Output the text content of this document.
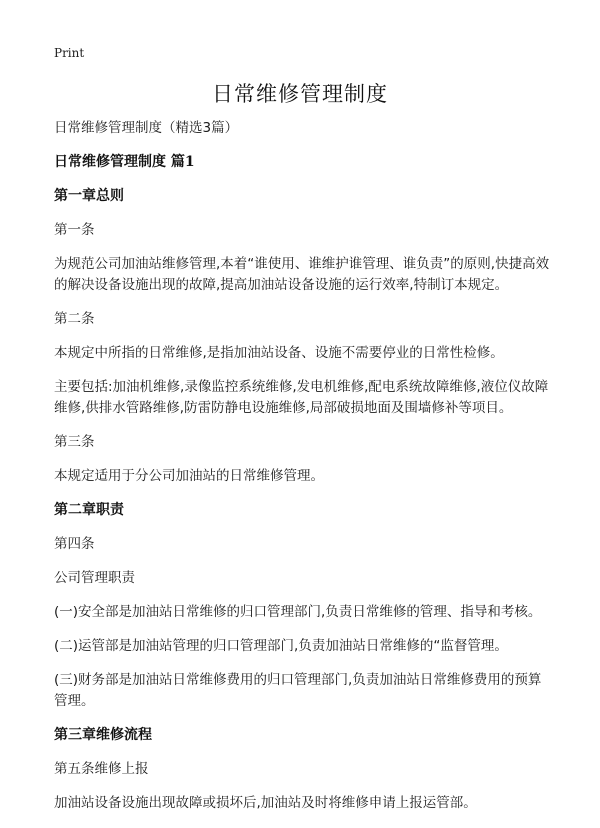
Print
日常维修管理制度
日常维修管理制度（精选3篇）
日常维修管理制度 篇1
第一章总则
第一条
为规范公司加油站维修管理,本着“谁使用、谁维护谁管理、谁负责”的原则,快捷高效的解决设备设施出现的故障,提高加油站设备设施的运行效率,特制订本规定。
第二条
本规定中所指的日常维修,是指加油站设备、设施不需要停业的日常性检修。
主要包括:加油机维修,录像监控系统维修,发电机维修,配电系统故障维修,液位仪故障维修,供排水管路维修,防雷防静电设施维修,局部破损地面及围墙修补等项目。
第三条
本规定适用于分公司加油站的日常维修管理。
第二章职责
第四条
公司管理职责
(一)安全部是加油站日常维修的归口管理部门,负责日常维修的管理、指导和考核。
(二)运管部是加油站管理的归口管理部门,负责加油站日常维修的“监督管理。
(三)财务部是加油站日常维修费用的归口管理部门,负责加油站日常维修费用的预算管理。
第三章维修流程
第五条维修上报
加油站设备设施出现故障或损坏后,加油站及时将维修申请上报运管部。
